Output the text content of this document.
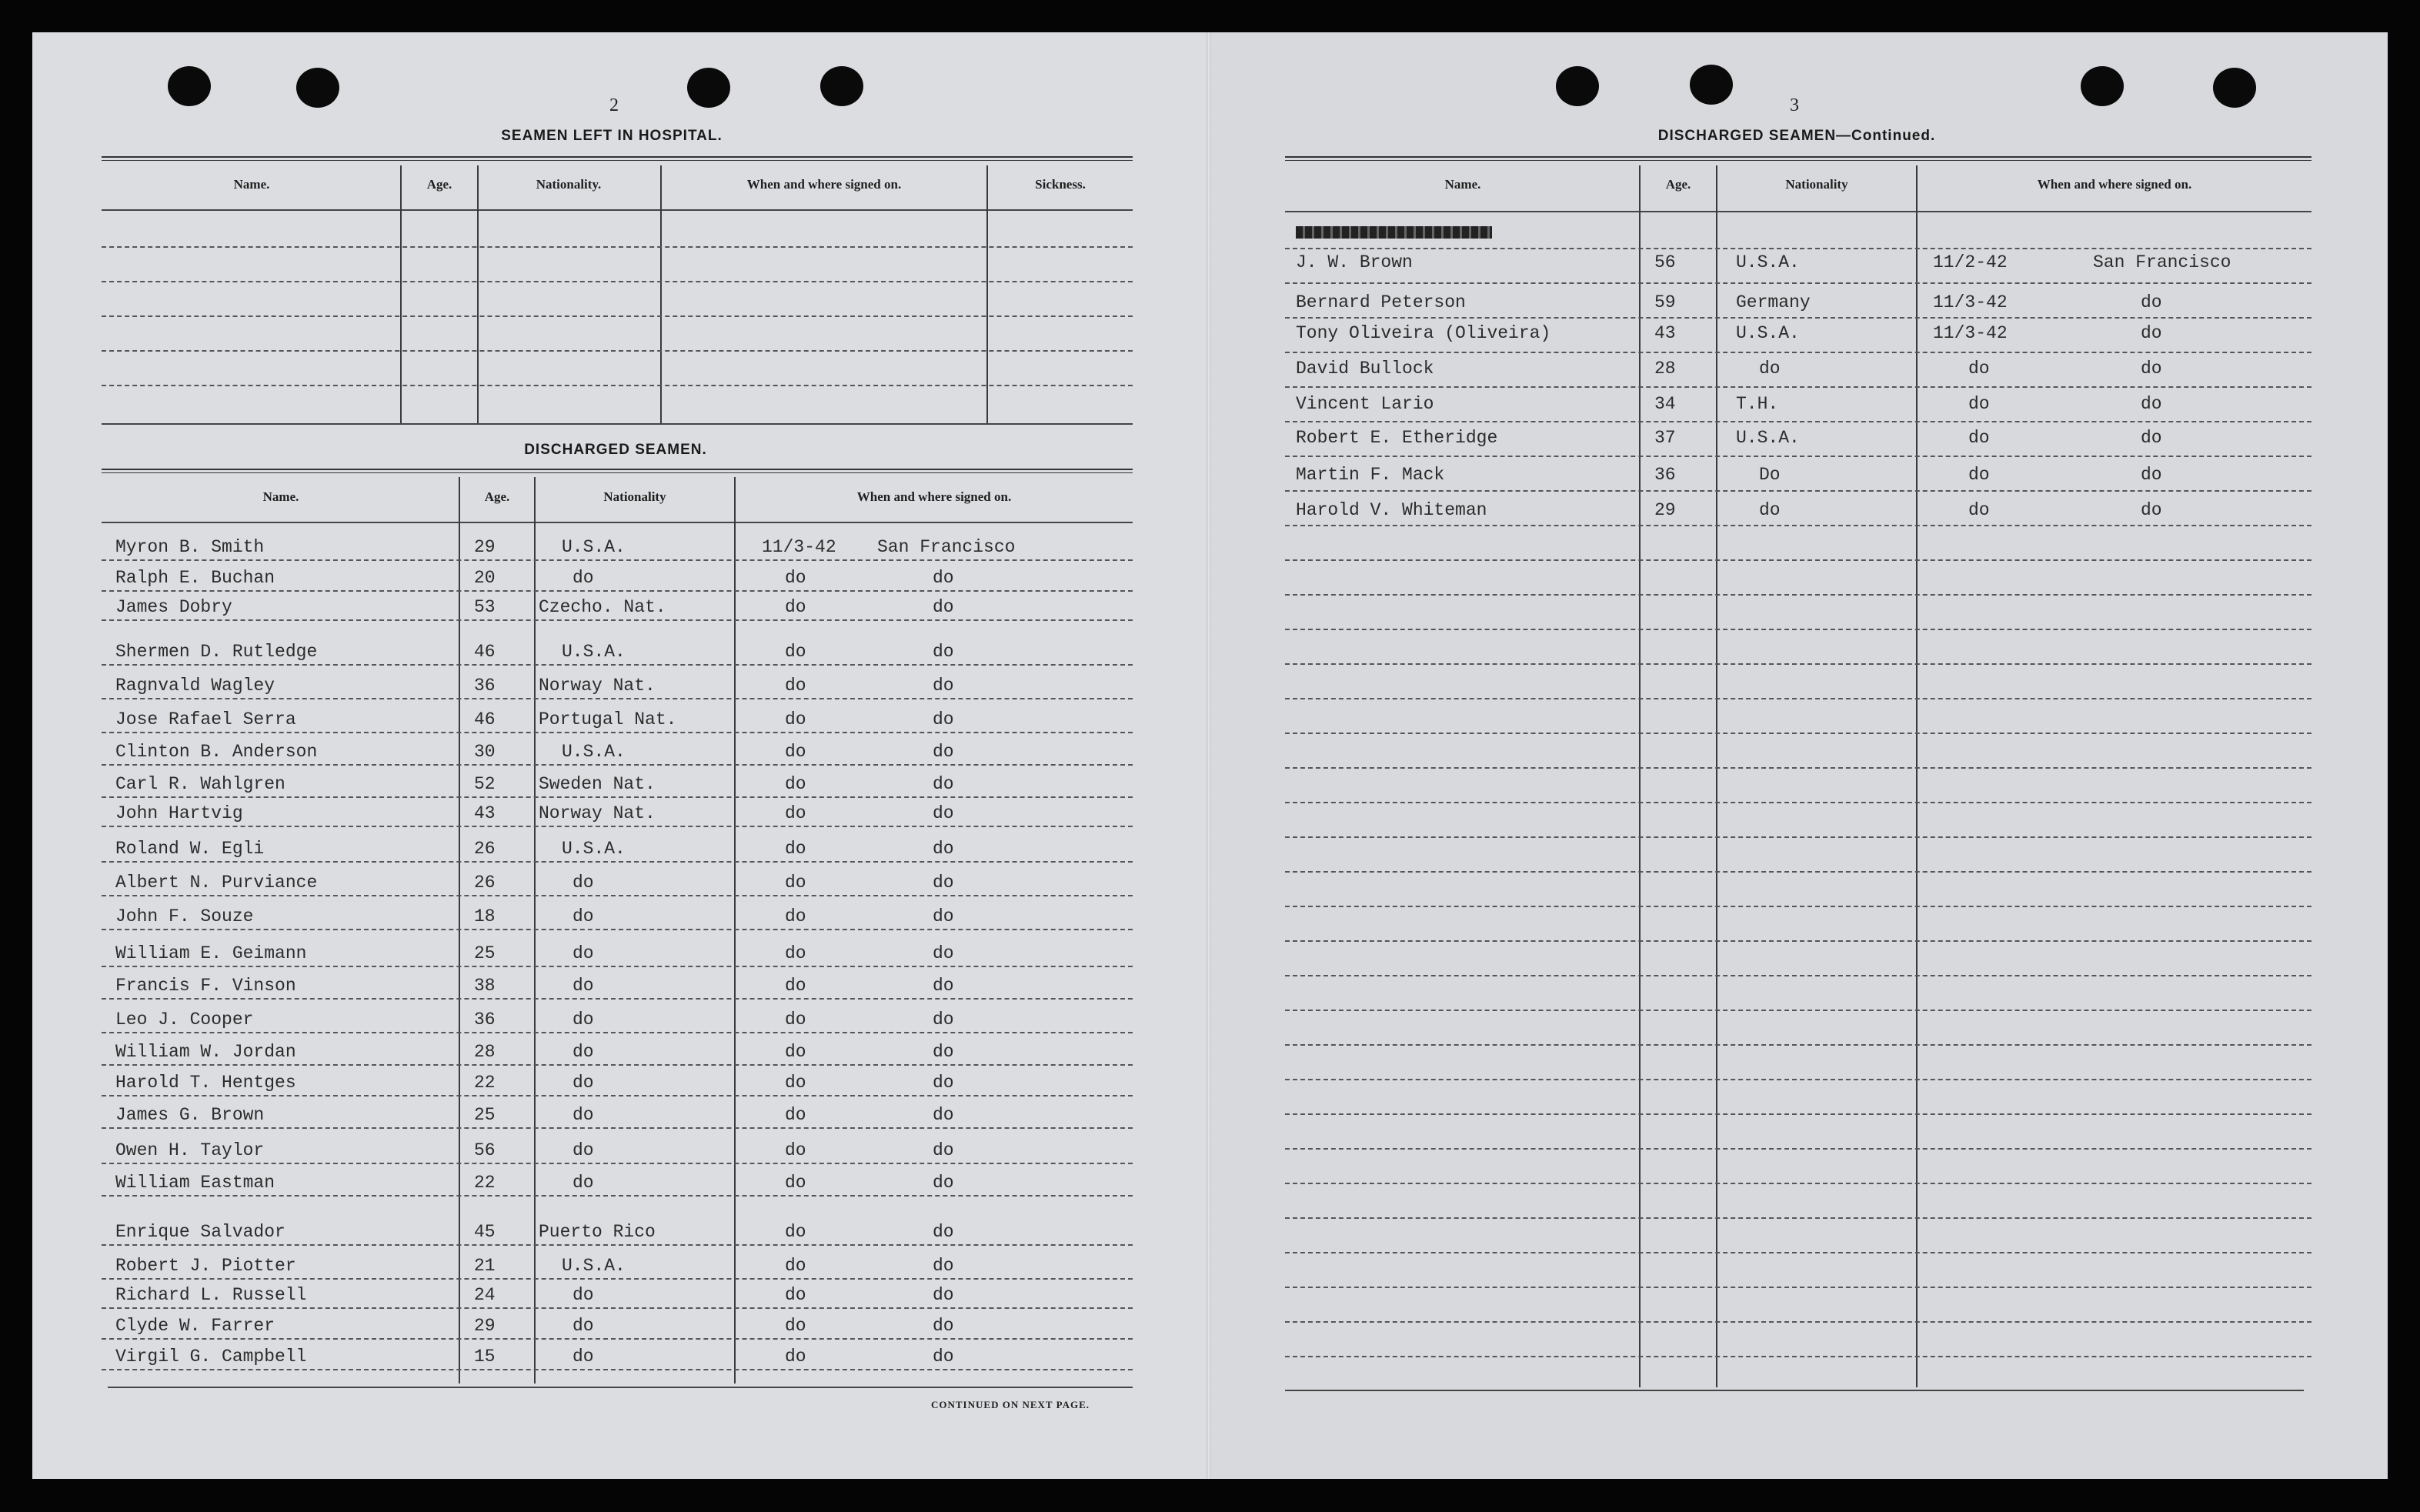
2
SEAMEN LEFT IN HOSPITAL.
Name.	Age.	Nationality.	When and where signed on.	Sickness.
DISCHARGED SEAMEN.
Name.	Age.	Nationality	When and where signed on.
Myron B. Smith	29	U.S.A.	11/3-42 San Francisco
Ralph E. Buchan	20	do	do	do
James Dobry	53 Czecho. Nat.	do	do
Shermen D. Rutledge	46	U.S.A.	do	do
Ragnvald Wagley	36 Norway Nat.	do	do
Jose Rafael Serra	46 Portugal Nat.	do	do
Clinton B. Anderson	30	U.S.A.	do	do
Carl R. Wahlgren	52 Sweden Nat.	do	do
John Hartvig	43 Norway Nat.	do	do
Roland W. Egli	26	U.S.A.	do	do
Albert N. Purviance	26	do	do	do
John F. Souze	18	do	do	do
William E. Geimann	25	do	do	do
Francis F. Vinson	38	do	do	do
Leo J. Cooper	36	do	do	do
William W. Jordan	28	do	do	do
Harold T. Hentges	22	do	do	do
James G. Brown	25	do	do	do
Owen H. Taylor	56	do	do	do
William Eastman	22	do	do	do
Enrique Salvador	45 Puerto Rico	do	do
Robert J. Piotter	21	U.S.A.	do	do
Richard L. Russell	24	do	do	do
Clyde W. Farrer	29	do	do	do
Virgil G. Campbell	15	do	do	do
CONTINUED ON NEXT PAGE.
3
DISCHARGED SEAMEN—Continued.
Name.	Age.	Nationality	When and where signed on.
J. W. Brown	56	U.S.A.	11/2-42	San Francisco
Bernard Peterson	59	Germany	11/3-42	do
Tony Oliveira (Oliveira)	43	U.S.A.	11/3-42	do
David Bullock	28	do	do	do
Vincent Lario	34	T.H.	do	do
Robert E. Etheridge	37	U.S.A.	do	do
Martin F. Mack	36	Do	do	do
Harold V. Whiteman	29	do	do	do
